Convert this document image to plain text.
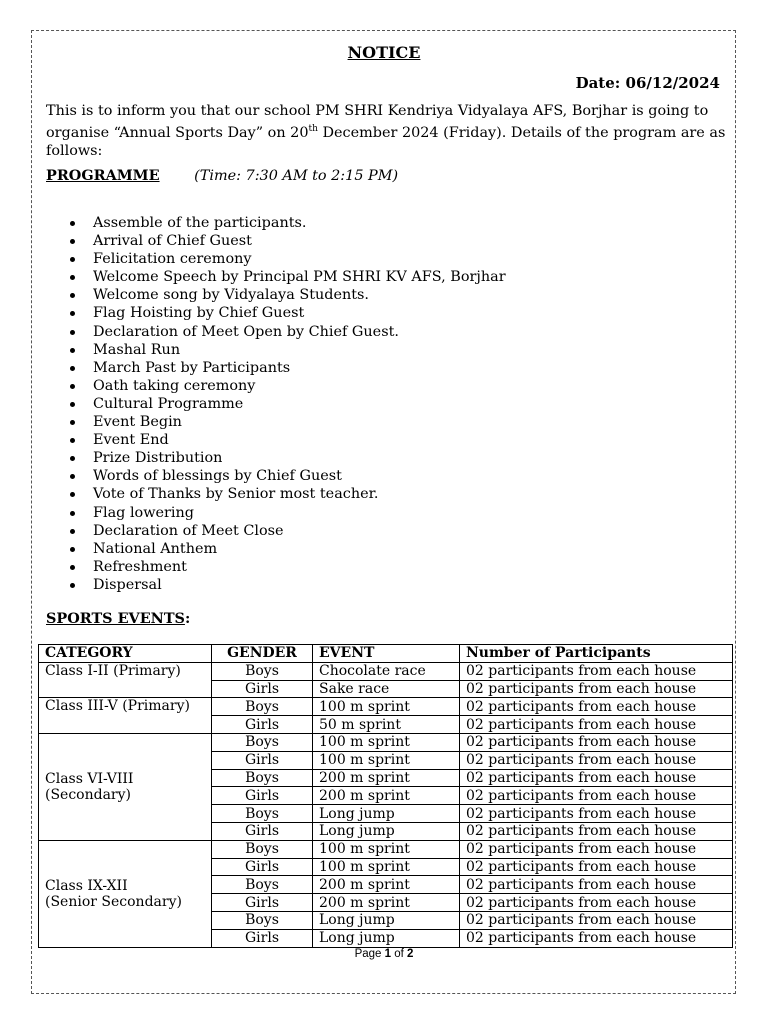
NOTICE
Date: 06/12/2024
This is to inform you that our school PM SHRI Kendriya Vidyalaya AFS, Borjhar is going to organise “Annual Sports Day” on 20th December 2024 (Friday). Details of the program are as follows:
PROGRAMME (Time: 7:30 AM to 2:15 PM)
Assemble of the participants.
Arrival of Chief Guest
Felicitation ceremony
Welcome Speech by Principal PM SHRI KV AFS, Borjhar
Welcome song by Vidyalaya Students.
Flag Hoisting by Chief Guest
Declaration of Meet Open by Chief Guest.
Mashal Run
March Past by Participants
Oath taking ceremony
Cultural Programme
Event Begin
Event End
Prize Distribution
Words of blessings by Chief Guest
Vote of Thanks by Senior most teacher.
Flag lowering
Declaration of Meet Close
National Anthem
Refreshment
Dispersal
SPORTS EVENTS:
CATEGORY	GENDER	EVENT	Number of Participants

Class I-II (Primary)	Boys	Chocolate race	02 participants from each house
	Girls	Sake race	02 participants from each house

Class III-V (Primary)	Boys	100 m sprint	02 participants from each house
	Girls	50 m sprint	02 participants from each house

Class VI-VIII
(Secondary)	Boys	100 m sprint	02 participants from each house
	Girls	100 m sprint	02 participants from each house
	Boys	200 m sprint	02 participants from each house
	Girls	200 m sprint	02 participants from each house
	Boys	Long jump	02 participants from each house
	Girls	Long jump	02 participants from each house

Class IX-XII
(Senior Secondary)	Boys	100 m sprint	02 participants from each house
	Girls	100 m sprint	02 participants from each house
	Boys	200 m sprint	02 participants from each house
	Girls	200 m sprint	02 participants from each house
	Boys	Long jump	02 participants from each house
	Girls	Long jump	02 participants from each house
Page 1 of 2
